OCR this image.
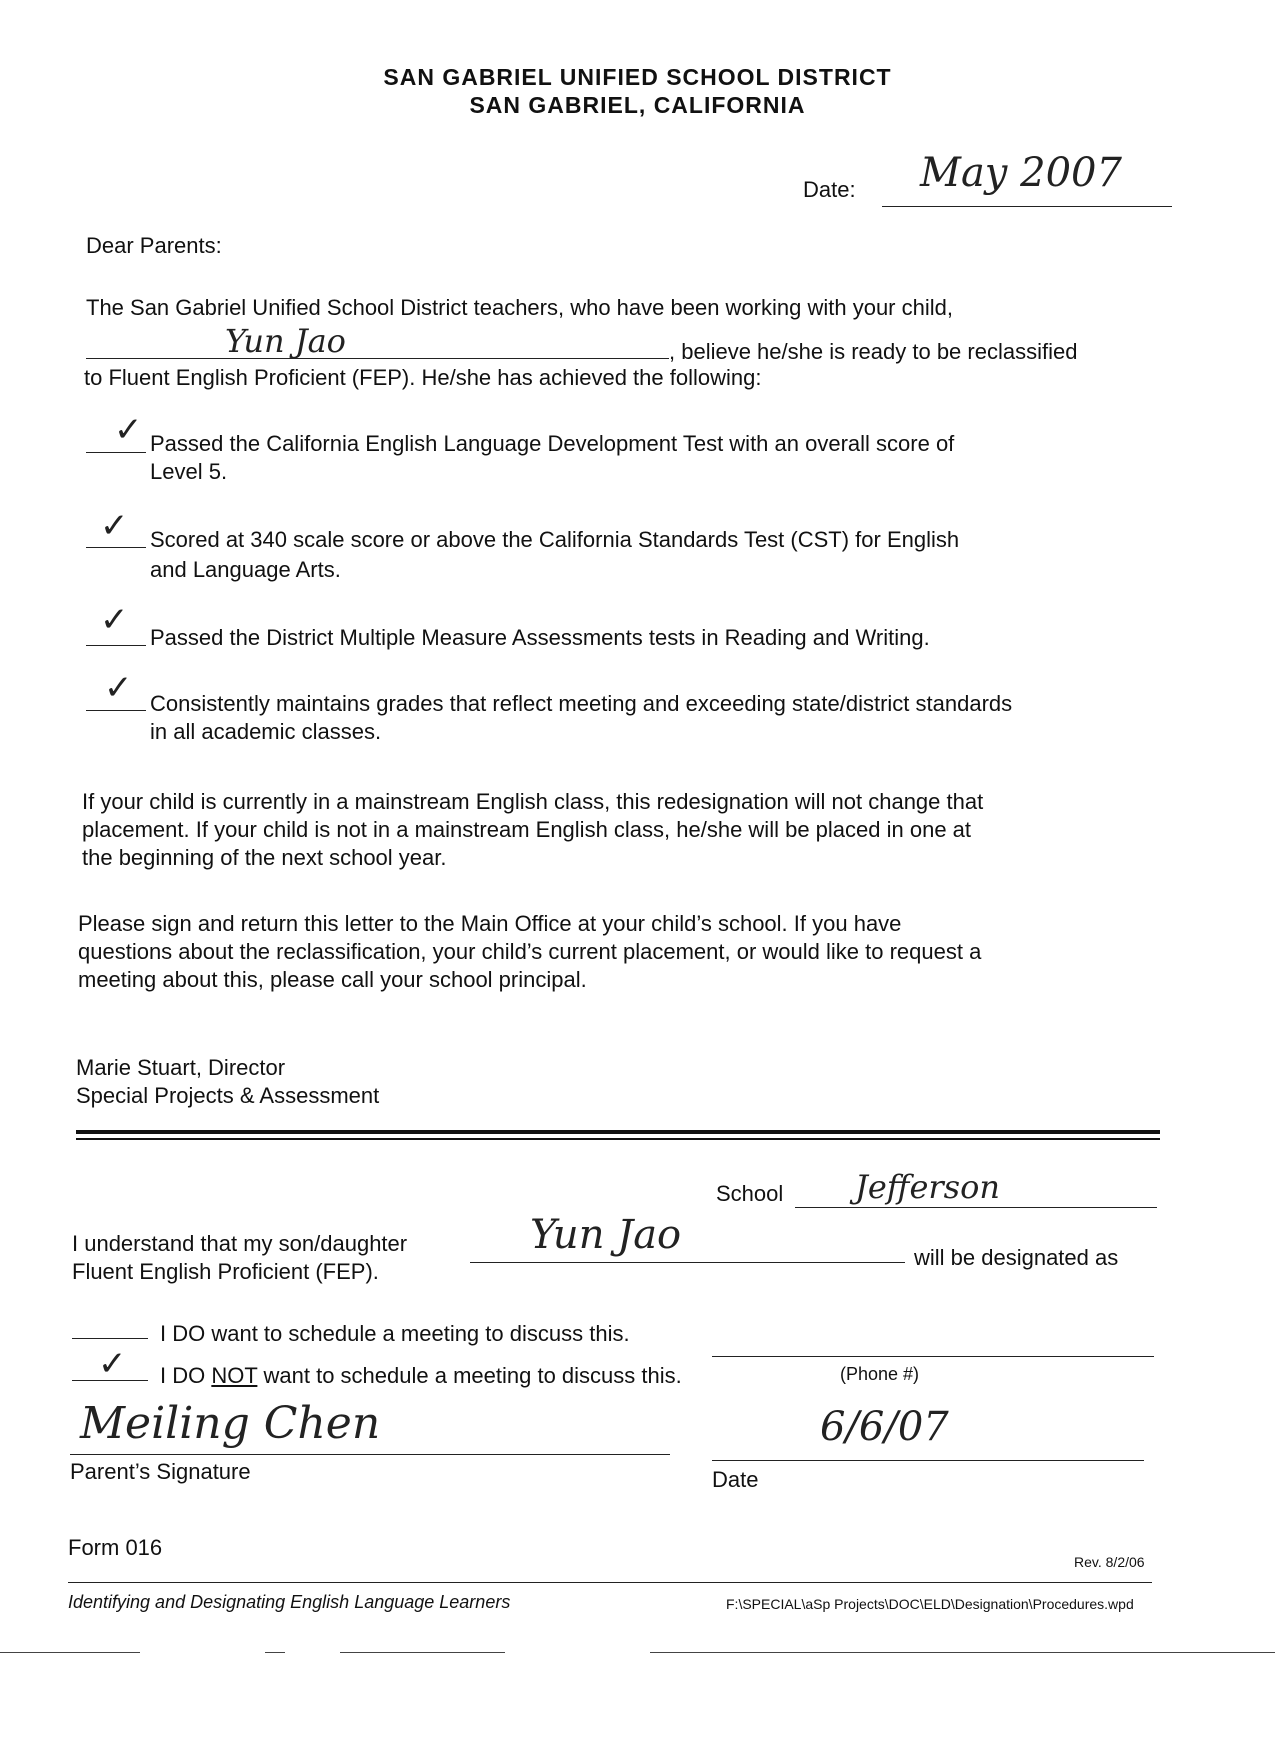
SAN GABRIEL UNIFIED SCHOOL DISTRICT
SAN GABRIEL, CALIFORNIA
Date: May 2007
Dear Parents:
The San Gabriel Unified School District teachers, who have been working with your child,
Yun Jao	, believe he/she is ready to be reclassified
to Fluent English Proficient (FEP). He/she has achieved the following:
✓ Passed the California English Language Development Test with an overall score of
Level 5.
✓ Scored at 340 scale score or above the California Standards Test (CST) for English
and Language Arts.
✓ Passed the District Multiple Measure Assessments tests in Reading and Writing.
✓ Consistently maintains grades that reflect meeting and exceeding state/district standards
in all academic classes.
If your child is currently in a mainstream English class, this redesignation will not change that
placement. If your child is not in a mainstream English class, he/she will be placed in one at
the beginning of the next school year.
Please sign and return this letter to the Main Office at your child’s school. If you have
questions about the reclassification, your child’s current placement, or would like to request a
meeting about this, please call your school principal.
Marie Stuart, Director
Special Projects & Assessment
School Jefferson
I understand that my son/daughter	Yun Jao	will be designated as
Fluent English Proficient (FEP).
I DO want to schedule a meeting to discuss this.
✓ I DO NOT want to schedule a meeting to discuss this.	(Phone #)
Meiling Chen
Parent’s Signature
6/6/07
Date
Form 016
Rev. 8/2/06
Identifying and Designating English Language Learners	F:\SPECIAL\aSp Projects\DOC\ELD\Designation\Procedures.wpd
